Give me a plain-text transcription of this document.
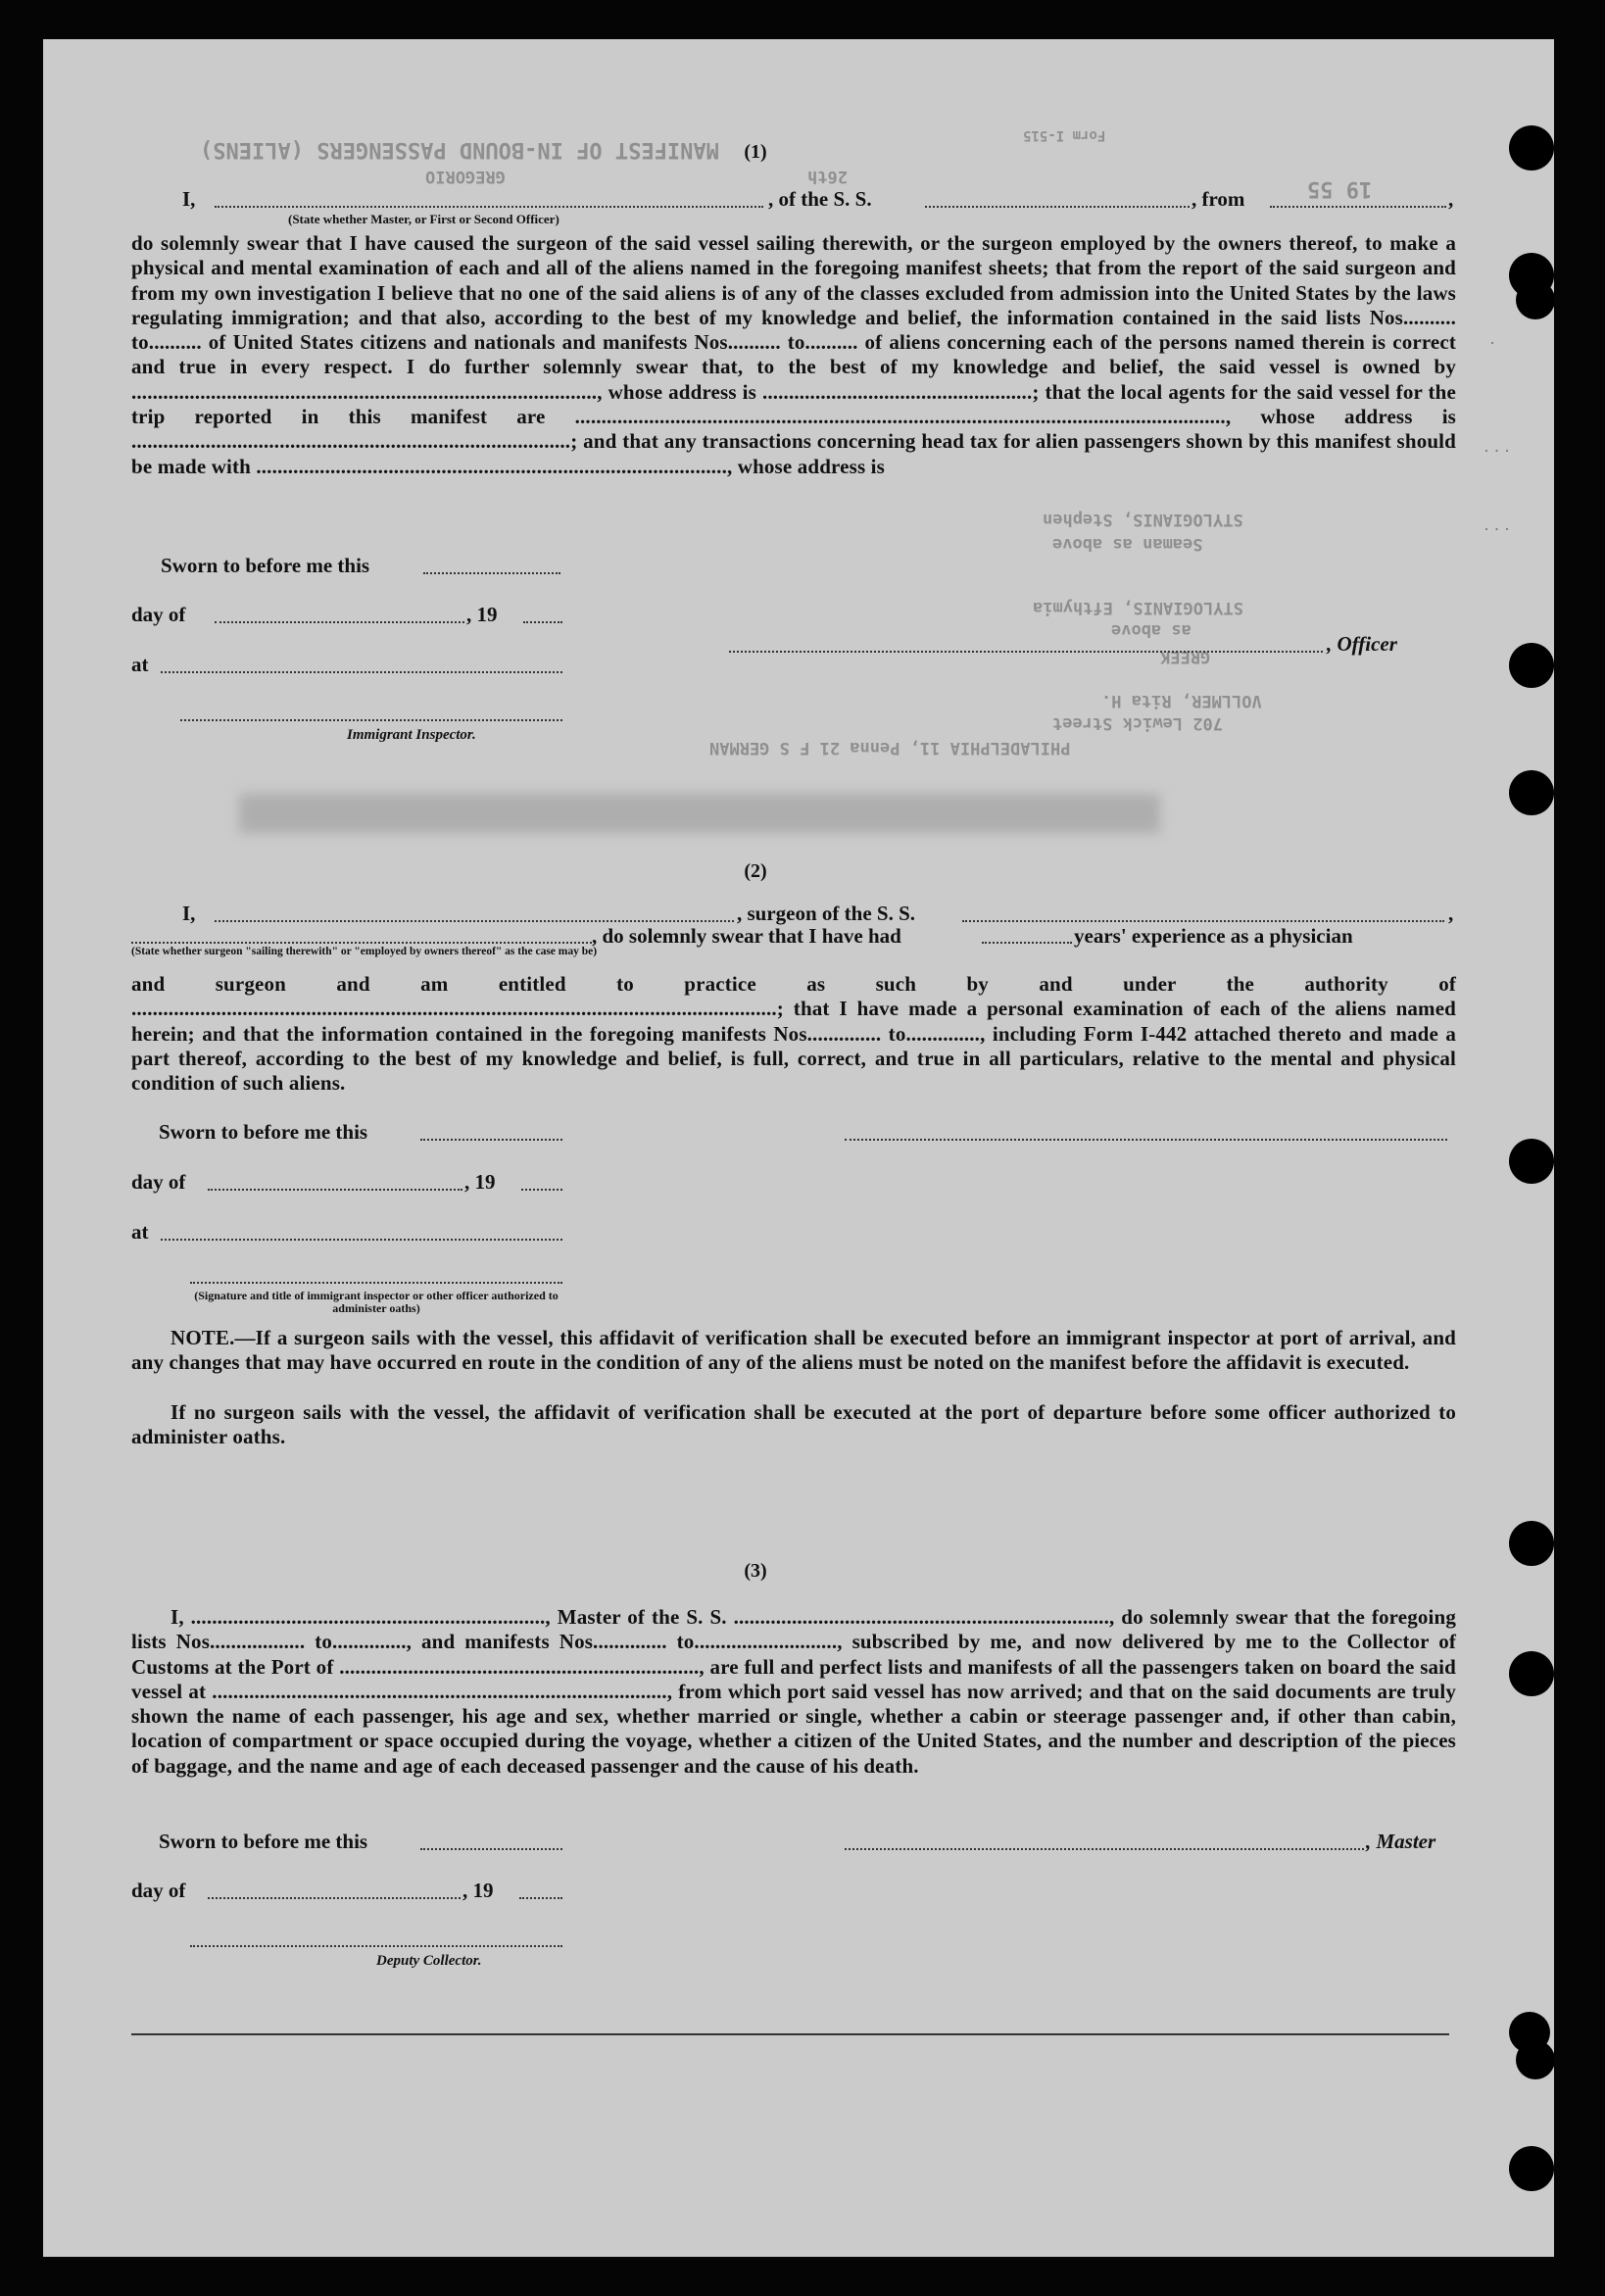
MANIFEST OF IN-BOUND PASSENGERS (ALIENS)
GREGORIO	26th	19 55
Form I-515
STYLOGIANIS, Stephen
Seaman as above
STYLOGIANIS, Efthymia
as above
GREEK
VOLLMER, Rita H.
702 Lewick Street
PHILADELPHIA 11, Penna 21 F S GERMAN
(1)
I,	, of the S. S.	, from	,
(State whether Master, or First or Second Officer)
do solemnly swear that I have caused the surgeon of the said vessel sailing therewith, or the surgeon employed by the owners thereof, to make a physical and mental examination of each and all of the aliens named in the foregoing manifest sheets; that from the report of the said surgeon and from my own investigation I believe that no one of the said aliens is of any of the classes excluded from admission into the United States by the laws regulating immigration; and that also, according to the best of my knowledge and belief, the information contained in the said lists Nos.......... to.......... of United States citizens and nationals and manifests Nos.......... to.......... of aliens concerning each of the persons named therein is correct and true in every respect. I do further solemnly swear that, to the best of my knowledge and belief, the said vessel is owned by ........................................................................................, whose address is ...................................................; that the local agents for the said vessel for the trip reported in this manifest are ..........................................................................................................................., whose address is ...................................................................................; and that any transactions concerning head tax for alien passengers shown by this manifest should be made with ........................................................................................., whose address is
Sworn to before me this
day of	, 19
, Officer
at
Immigrant Inspector.
(2)
I,	, surgeon of the S. S.	,
, do solemnly swear that I have had	years' experience as a physician
(State whether surgeon "sailing therewith" or "employed by owners thereof" as the case may be)
and surgeon and am entitled to practice as such by and under the authority of ..........................................................................................................................; that I have made a personal examination of each of the aliens named herein; and that the information contained in the foregoing manifests Nos.............. to.............., including Form I-442 attached thereto and made a part thereof, according to the best of my knowledge and belief, is full, correct, and true in all particulars, relative to the mental and physical condition of such aliens.
Sworn to before me this
day of	, 19
at
(Signature and title of immigrant inspector or other officer authorized to administer oaths)
NOTE.—If a surgeon sails with the vessel, this affidavit of verification shall be executed before an immigrant inspector at port of arrival, and any changes that may have occurred en route in the condition of any of the aliens must be noted on the manifest before the affidavit is executed.
If no surgeon sails with the vessel, the affidavit of verification shall be executed at the port of departure before some officer authorized to administer oaths.
(3)
I, ..................................................................., Master of the S. S. ......................................................................., do solemnly swear that the foregoing lists Nos.................. to.............., and manifests Nos.............. to..........................., subscribed by me, and now delivered by me to the Collector of Customs at the Port of ...................................................................., are full and perfect lists and manifests of all the passengers taken on board the said vessel at ......................................................................................, from which port said vessel has now arrived; and that on the said documents are truly shown the name of each passenger, his age and sex, whether married or single, whether a cabin or steerage passenger and, if other than cabin, location of compartment or space occupied during the voyage, whether a citizen of the United States, and the number and description of the pieces of baggage, and the name and age of each deceased passenger and the cause of his death.
Sworn to before me this	, Master
day of	, 19
Deputy Collector.
·
· · ·
· · ·
